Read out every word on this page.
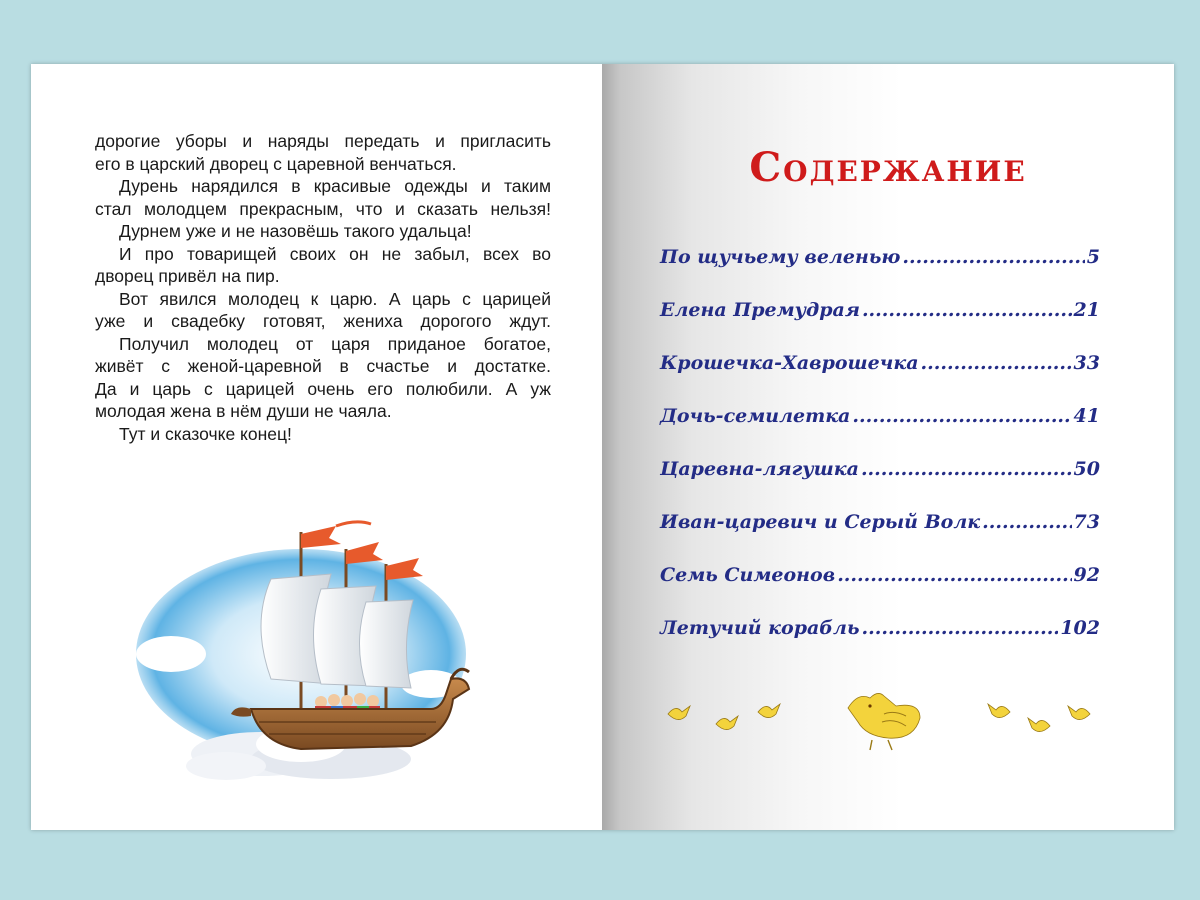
дорогие уборы и наряды передать и пригласить
его в царский дворец с царевной венчаться.
Дурень нарядился в красивые одежды и таким
стал молодцем прекрасным, что и сказать нельзя!
Дурнем уже и не назовёшь такого удальца!
И про товарищей своих он не забыл, всех во
дворец привёл на пир.
Вот явился молодец к царю. А царь с царицей
уже и свадебку готовят, жениха дорогого ждут.
Получил молодец от царя приданое богатое,
живёт с женой-царевной в счастье и достатке.
Да и царь с царицей очень его полюбили. А уж
молодая жена в нём души не чаяла.
Тут и сказочке конец!
Содержание
По щучьему веленью .....	5
Елена Премудрая .....	21
Крошечка-Хаврошечка .....	33
Дочь-семилетка .....	41
Царевна-лягушка .....	50
Иван-царевич и Серый Волк .....	73
Семь Симеонов .....	92
Летучий корабль .....	102
